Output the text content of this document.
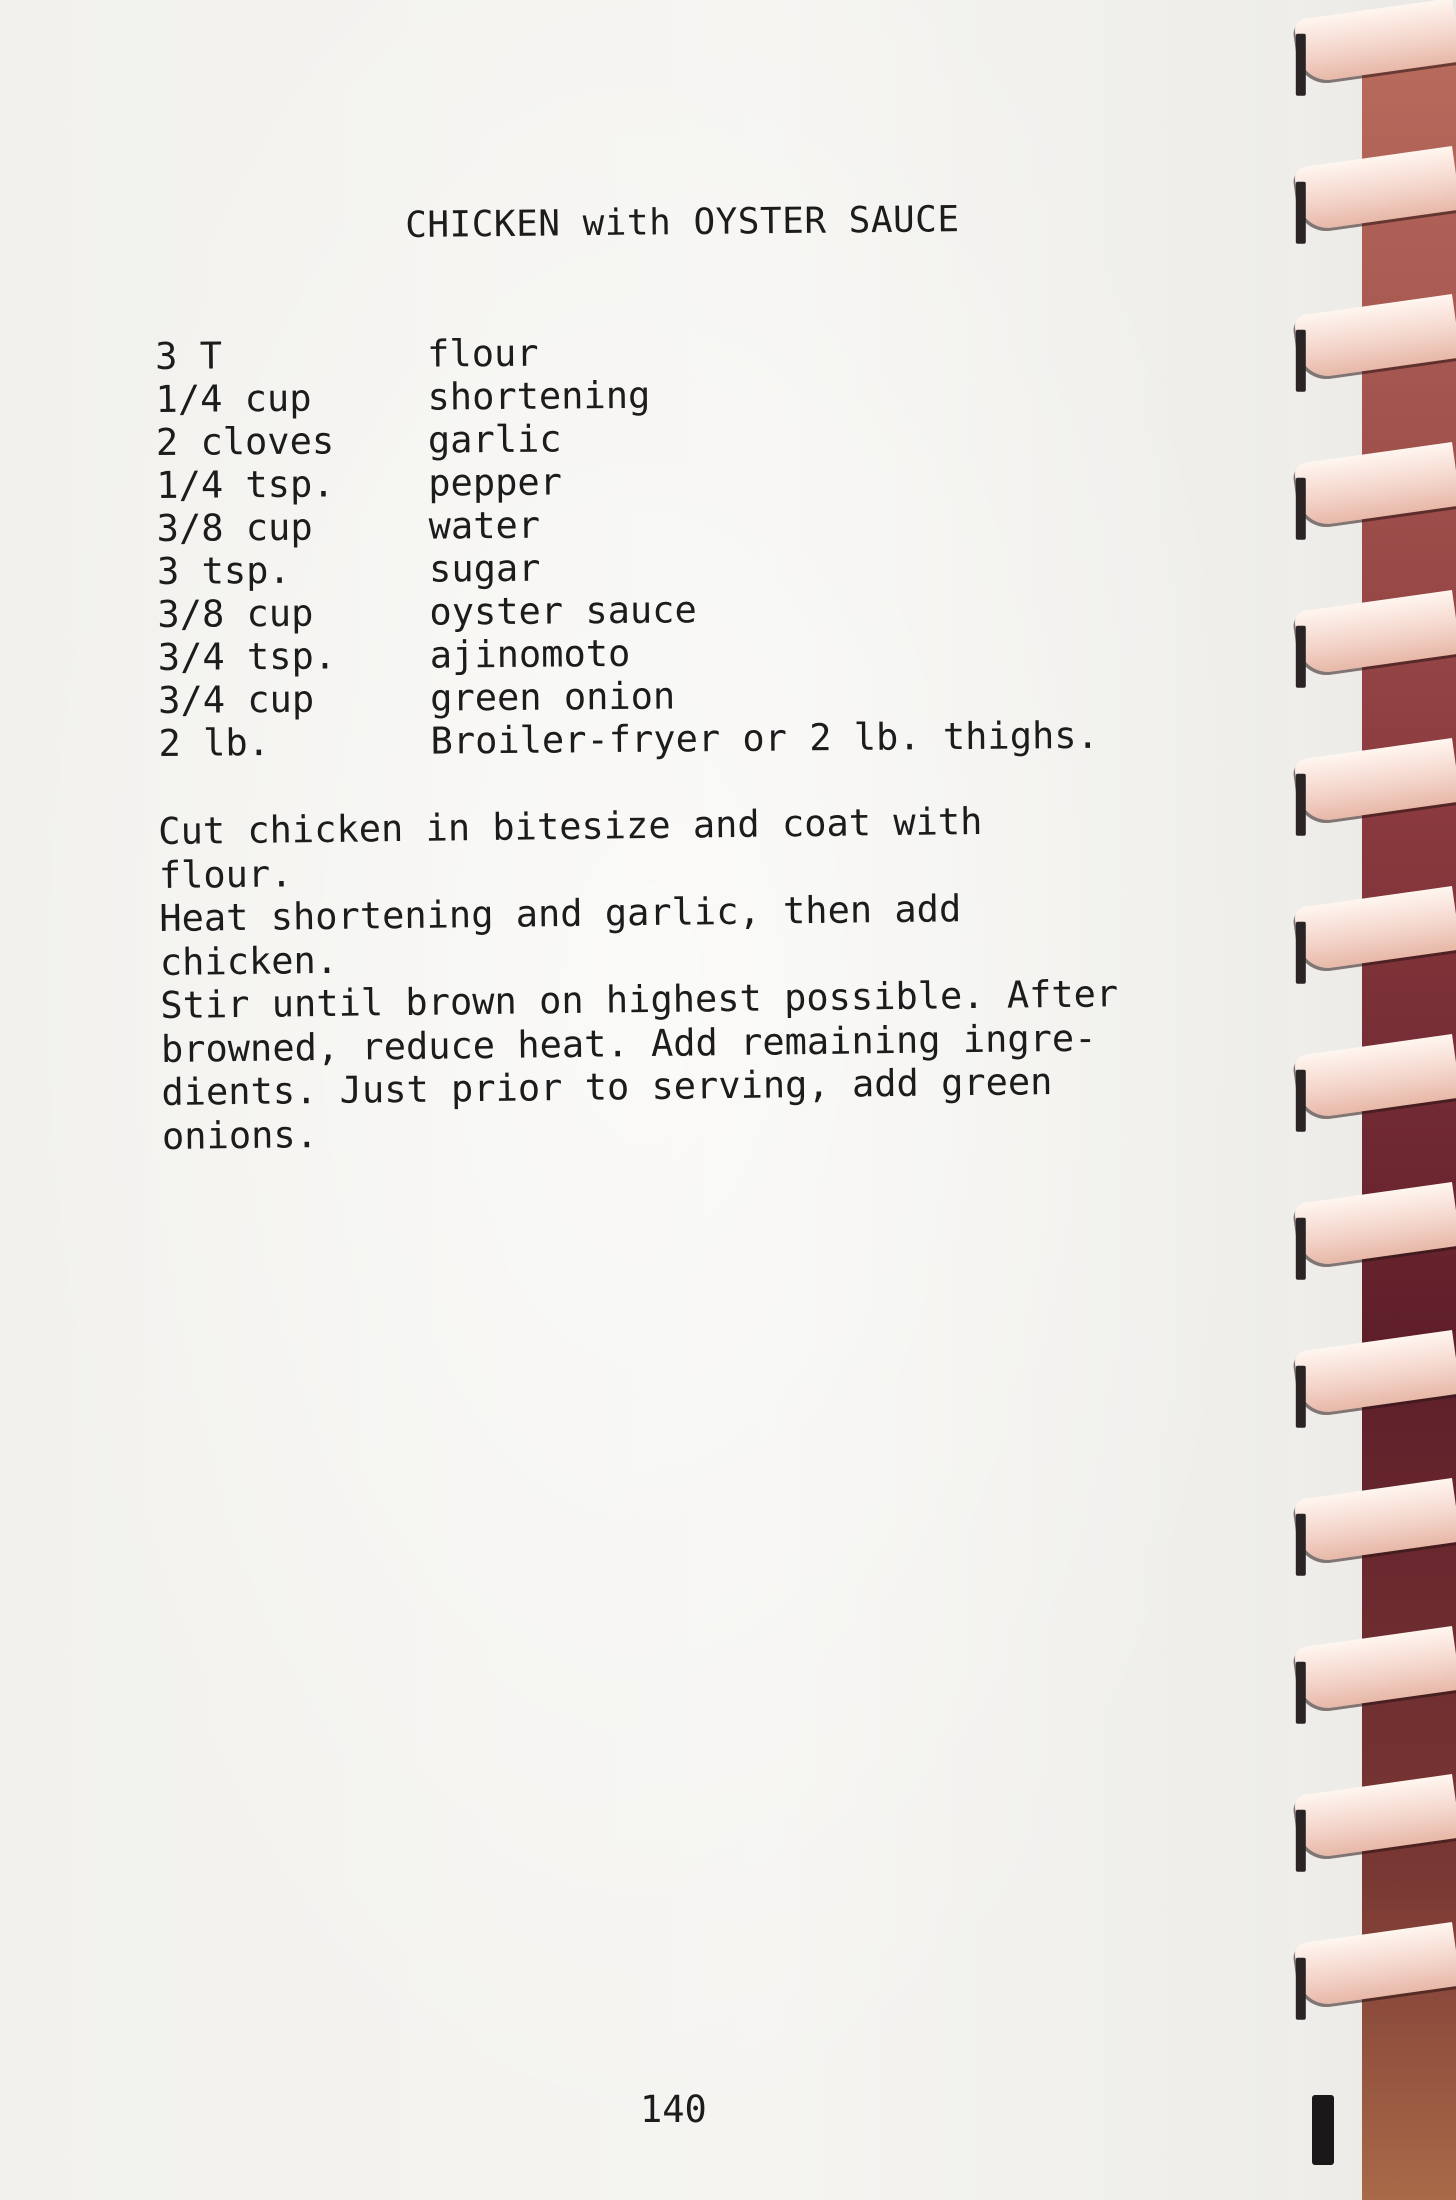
CHICKEN with OYSTER SAUCE
3 T	flour
1/4 cup	shortening
2 cloves	garlic
1/4 tsp.	pepper
3/8 cup	water
3 tsp.	sugar
3/8 cup	oyster sauce
3/4 tsp.	ajinomoto
3/4 cup	green onion
2 lb.	Broiler-fryer or 2 lb. thighs.
Cut chicken in bitesize and coat with flour.
Heat shortening and garlic, then add chicken.
Stir until brown on highest possible. After
browned, reduce heat. Add remaining ingre-
dients. Just prior to serving, add green
onions.
140
